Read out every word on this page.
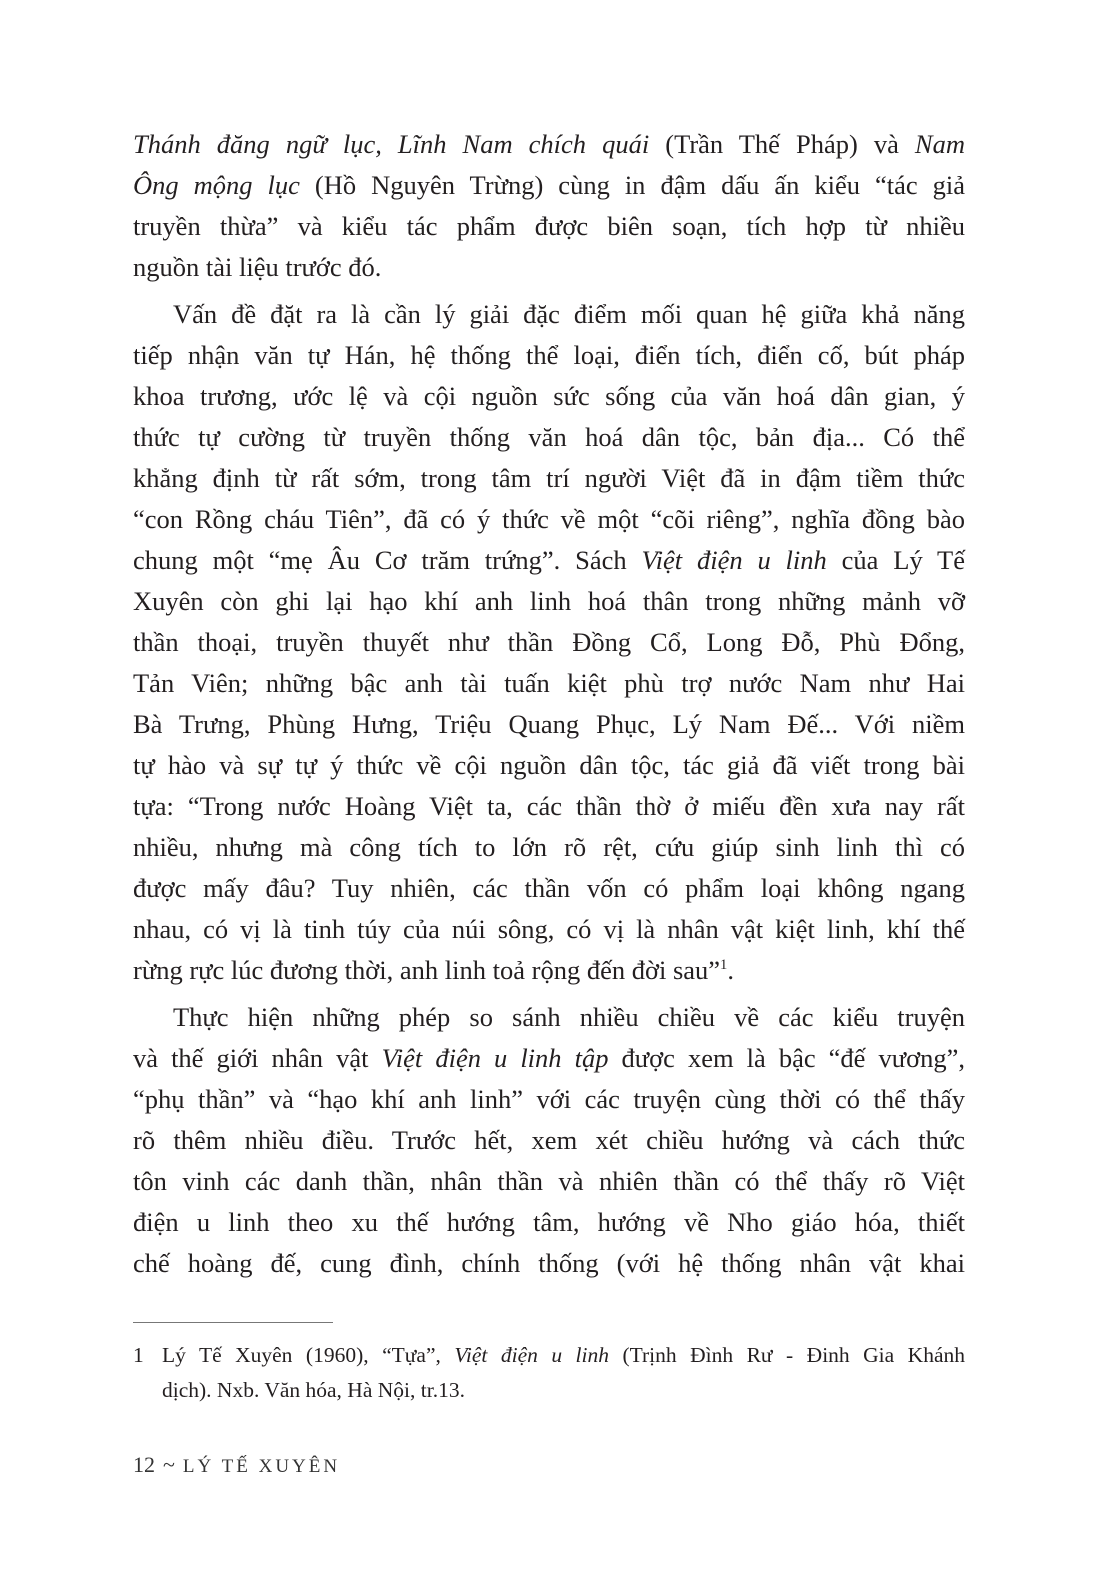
Thánh đăng ngữ lục, Lĩnh Nam chích quái (Trần Thế Pháp) và Nam
Ông mộng lục (Hồ Nguyên Trừng) cùng in đậm dấu ấn kiểu “tác giả
truyền thừa” và kiểu tác phẩm được biên soạn, tích hợp từ nhiều
nguồn tài liệu trước đó.
Vấn đề đặt ra là cần lý giải đặc điểm mối quan hệ giữa khả năng
tiếp nhận văn tự Hán, hệ thống thể loại, điển tích, điển cố, bút pháp
khoa trương, ước lệ và cội nguồn sức sống của văn hoá dân gian, ý
thức tự cường từ truyền thống văn hoá dân tộc, bản địa... Có thể
khẳng định từ rất sớm, trong tâm trí người Việt đã in đậm tiềm thức
“con Rồng cháu Tiên”, đã có ý thức về một “cõi riêng”, nghĩa đồng bào
chung một “mẹ Âu Cơ trăm trứng”. Sách Việt điện u linh của Lý Tế
Xuyên còn ghi lại hạo khí anh linh hoá thân trong những mảnh vỡ
thần thoại, truyền thuyết như thần Đồng Cổ, Long Đỗ, Phù Đổng,
Tản Viên; những bậc anh tài tuấn kiệt phù trợ nước Nam như Hai
Bà Trưng, Phùng Hưng, Triệu Quang Phục, Lý Nam Đế... Với niềm
tự hào và sự tự ý thức về cội nguồn dân tộc, tác giả đã viết trong bài
tựa: “Trong nước Hoàng Việt ta, các thần thờ ở miếu đền xưa nay rất
nhiều, nhưng mà công tích to lớn rõ rệt, cứu giúp sinh linh thì có
được mấy đâu? Tuy nhiên, các thần vốn có phẩm loại không ngang
nhau, có vị là tinh túy của núi sông, có vị là nhân vật kiệt linh, khí thế
rừng rực lúc đương thời, anh linh toả rộng đến đời sau”$^1$.
Thực hiện những phép so sánh nhiều chiều về các kiểu truyện
và thế giới nhân vật Việt điện u linh tập được xem là bậc “đế vương”,
“phụ thần” và “hạo khí anh linh” với các truyện cùng thời có thể thấy
rõ thêm nhiều điều. Trước hết, xem xét chiều hướng và cách thức
tôn vinh các danh thần, nhân thần và nhiên thần có thể thấy rõ Việt
điện u linh theo xu thế hướng tâm, hướng về Nho giáo hóa, thiết
chế hoàng đế, cung đình, chính thống (với hệ thống nhân vật khai
1 Lý Tế Xuyên (1960), “Tựa”, Việt điện u linh (Trịnh Đình Rư - Đinh Gia Khánh
dịch). Nxb. Văn hóa, Hà Nội, tr.13.
12 ~ LÝ TẾ XUYÊN
